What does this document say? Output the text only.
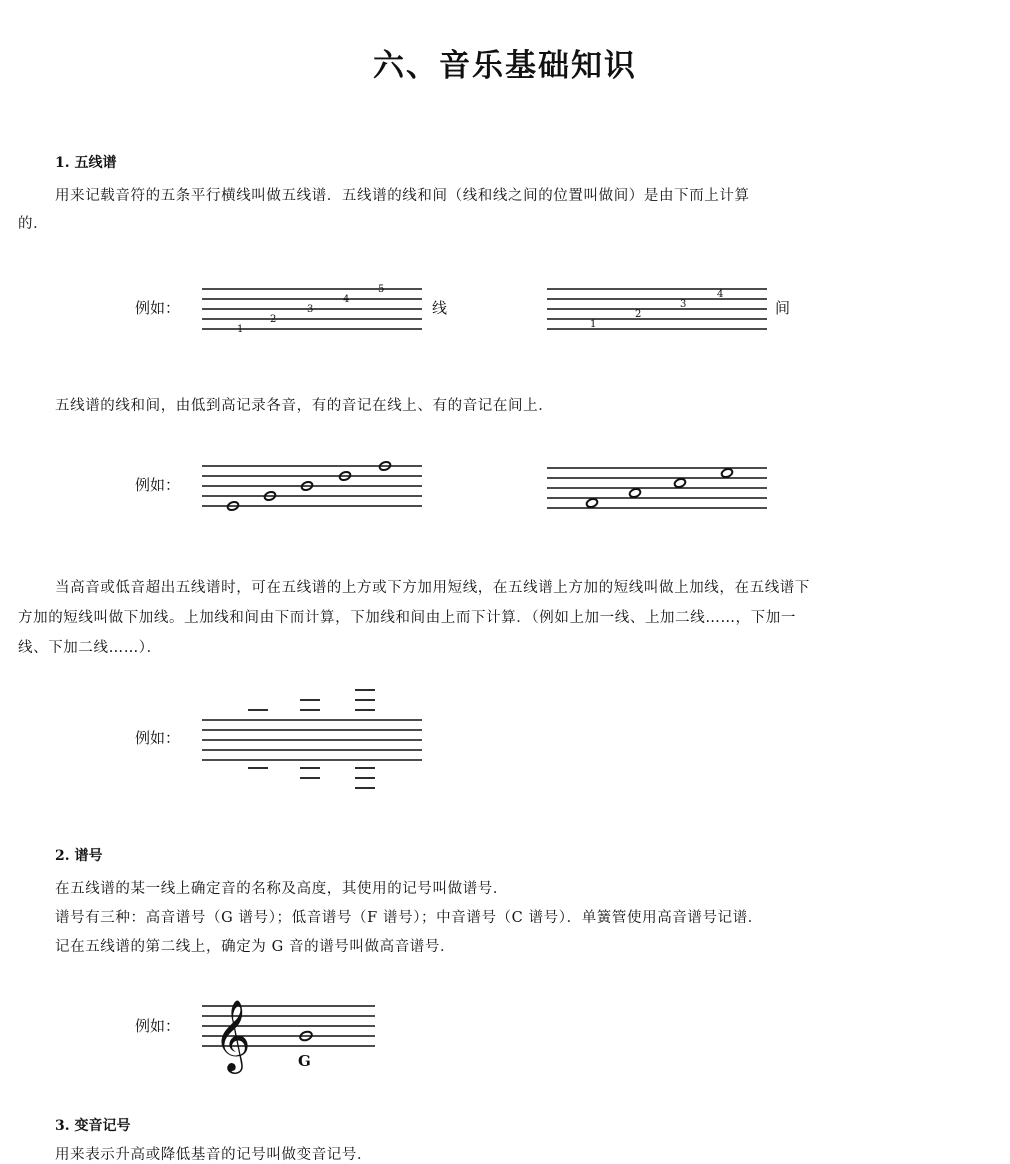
六、音乐基础知识
1. 五线谱
用来记载音符的五条平行横线叫做五线谱．五线谱的线和间（线和线之间的位置叫做间）是由下而上计算
的．
例如：
1
2
3
4
5
线
1
2
3
4
间
五线谱的线和间，由低到高记录各音，有的音记在线上、有的音记在间上．
例如：
当高音或低音超出五线谱时，可在五线谱的上方或下方加用短线，在五线谱上方加的短线叫做上加线，在五线谱下
方加的短线叫做下加线。上加线和间由下而计算，下加线和间由上而下计算．（例如上加一线、上加二线……，下加一
线、下加二线……）．
例如：
2. 谱号
在五线谱的某一线上确定音的名称及高度，其使用的记号叫做谱号．
谱号有三种：高音谱号（G 谱号）；低音谱号（F 谱号）；中音谱号（C 谱号）．单簧管使用高音谱号记谱．
记在五线谱的第二线上，确定为 G 音的谱号叫做高音谱号．
例如： 𝄞	G
3. 变音记号
用来表示升高或降低基音的记号叫做变音记号．
